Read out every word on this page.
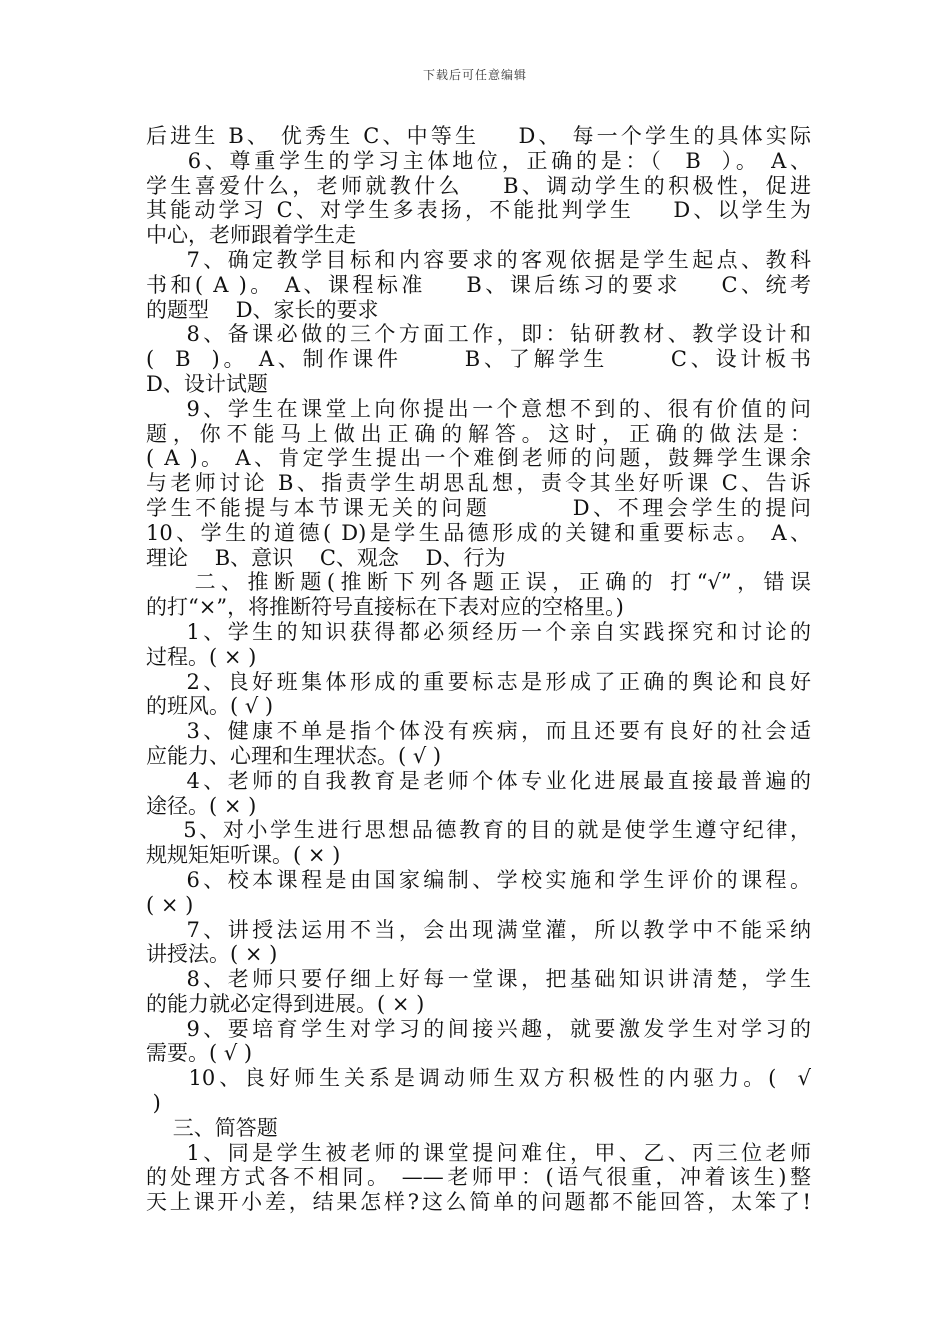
下载后可任意编辑
后进生 B、 优秀生 C、中等生    D、 每一个学生的具体实际
6、尊重学生的学习主体地位，正确的是：（  B  ）。 A、
学生喜爱什么，老师就教什么    B、调动学生的积极性，促进
其能动学习 C、对学生多表扬，不能批判学生    D、以学生为
中心，老师跟着学生走
7、确定教学目标和内容要求的客观依据是学生起点、教科
书和( A )。 A、课程标准    B、课后练习的要求    C、统考
的题型    D、家长的要求
8、备课必做的三个方面工作，即：钻研教材、教学设计和
(  B  )。 A、制作课件      B、了解学生      C、设计板书
D、设计试题
9、学生在课堂上向你提出一个意想不到的、很有价值的问
题，你不能马上做出正确的解答。这时，正确的做法是：
( A )。 A、肯定学生提出一个难倒老师的问题，鼓舞学生课余
与老师讨论 B、指责学生胡思乱想，责令其坐好听课 C、告诉
学生不能提与本节课无关的问题        D、不理会学生的提问
10、学生的道德( D)是学生品德形成的关键和重要标志。 A、
理论    B、意识    C、观念    D、行为
二、推断题(推断下列各题正误，正确的 打“√”，错误
的打“×”，将推断符号直接标在下表对应的空格里。)
1、学生的知识获得都必须经历一个亲自实践探究和讨论的
过程。( × )
2、良好班集体形成的重要标志是形成了正确的舆论和良好
的班风。( √ )
3、健康不单是指个体没有疾病，而且还要有良好的社会适
应能力、心理和生理状态。( √ )
4、老师的自我教育是老师个体专业化进展最直接最普遍的
途径。( × )
5、对小学生进行思想品德教育的目的就是使学生遵守纪律，
规规矩矩听课。( × )
6、校本课程是由国家编制、学校实施和学生评价的课程。
( × )
7、讲授法运用不当，会出现满堂灌，所以教学中不能采纳
讲授法。( × )
8、老师只要仔细上好每一堂课，把基础知识讲清楚，学生
的能力就必定得到进展。( × )
9、要培育学生对学习的间接兴趣，就要激发学生对学习的
需要。( √ )
10、良好师生关系是调动师生双方积极性的内驱力。(  √
)
三、简答题
1、同是学生被老师的课堂提问难住，甲、乙、丙三位老师
的处理方式各不相同。 ——老师甲：(语气很重，冲着该生)整
天上课开小差，结果怎样?这么简单的问题都不能回答，太笨了!
